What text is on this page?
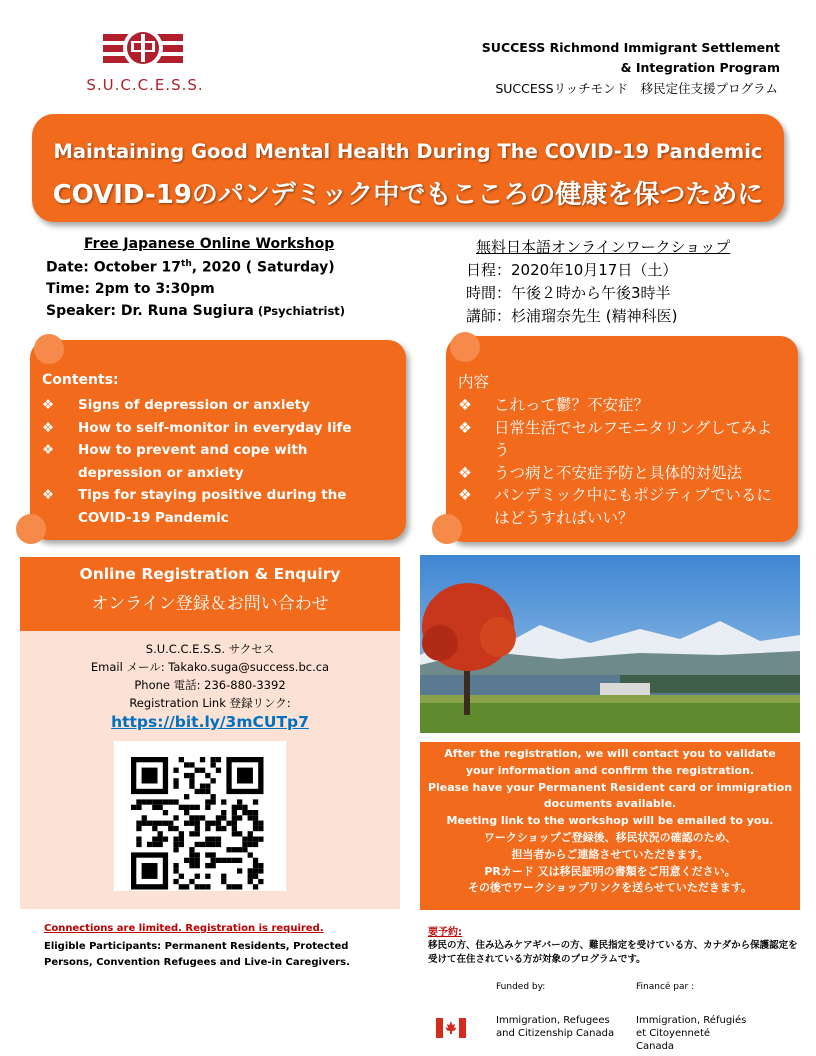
S.U.C.C.E.S.S.
SUCCESS Richmond Immigrant Settlement
& Integration Program
SUCCESSリッチモンド　移民定住支援プログラム
Maintaining Good Mental Health During The COVID-19 Pandemic
COVID-19のパンデミック中でもこころの健康を保つために
Free Japanese Online Workshop
Date: October 17th, 2020 ( Saturday)
Time: 2pm to 3:30pm
Speaker: Dr. Runa Sugiura (Psychiatrist)
無料日本語オンラインワークショップ
日程：2020年10月17日（土）
時間：午後２時から午後3時半
講師：杉浦瑠奈先生 (精神科医)
Contents:
❖ Signs of depression or anxiety
❖ How to self-monitor in everyday life
❖ How to prevent and cope with depression or anxiety
❖ Tips for staying positive during the COVID-19 Pandemic
内容
❖ これって鬱？不安症？
❖ 日常生活でセルフモニタリングしてみよう
❖ うつ病と不安症予防と具体的対処法
❖ パンデミック中にもポジティブでいるにはどうすればいい？
Online Registration & Enquiry
オンライン登録＆お問い合わせ
S.U.C.C.E.S.S. サクセス
Email メール: Takako.suga@success.bc.ca
Phone 電話: 236-880-3392
Registration Link 登録リンク:
https://bit.ly/3mCUTp7

After the registration, we will contact you to validate

your information and confirm the registration.

Please have your Permanent Resident card or immigration

documents available.

Meeting link to the workshop will be emailed to you.

ワークショップご登録後、移民状況の確認のため、

担当者からご連絡させていただきます。

PRカード 又は移民証明の書類をご用意ください。

その後でワークショップリンクを送らせていただきます。

Connections are limited. Registration is required.
Eligible Participants: Permanent Residents, Protected Persons, Convention Refugees and Live-in Caregivers.
要予約:
移民の方、住み込みケアギバーの方、難民指定を受けている方、カナダから保護認定を受けて在住されている方が対象のプログラムです。
Funded by:	Financé par :
Immigration, Refugees
and Citizenship Canada
Immigration, Réfugiés
et Citoyenneté Canada
